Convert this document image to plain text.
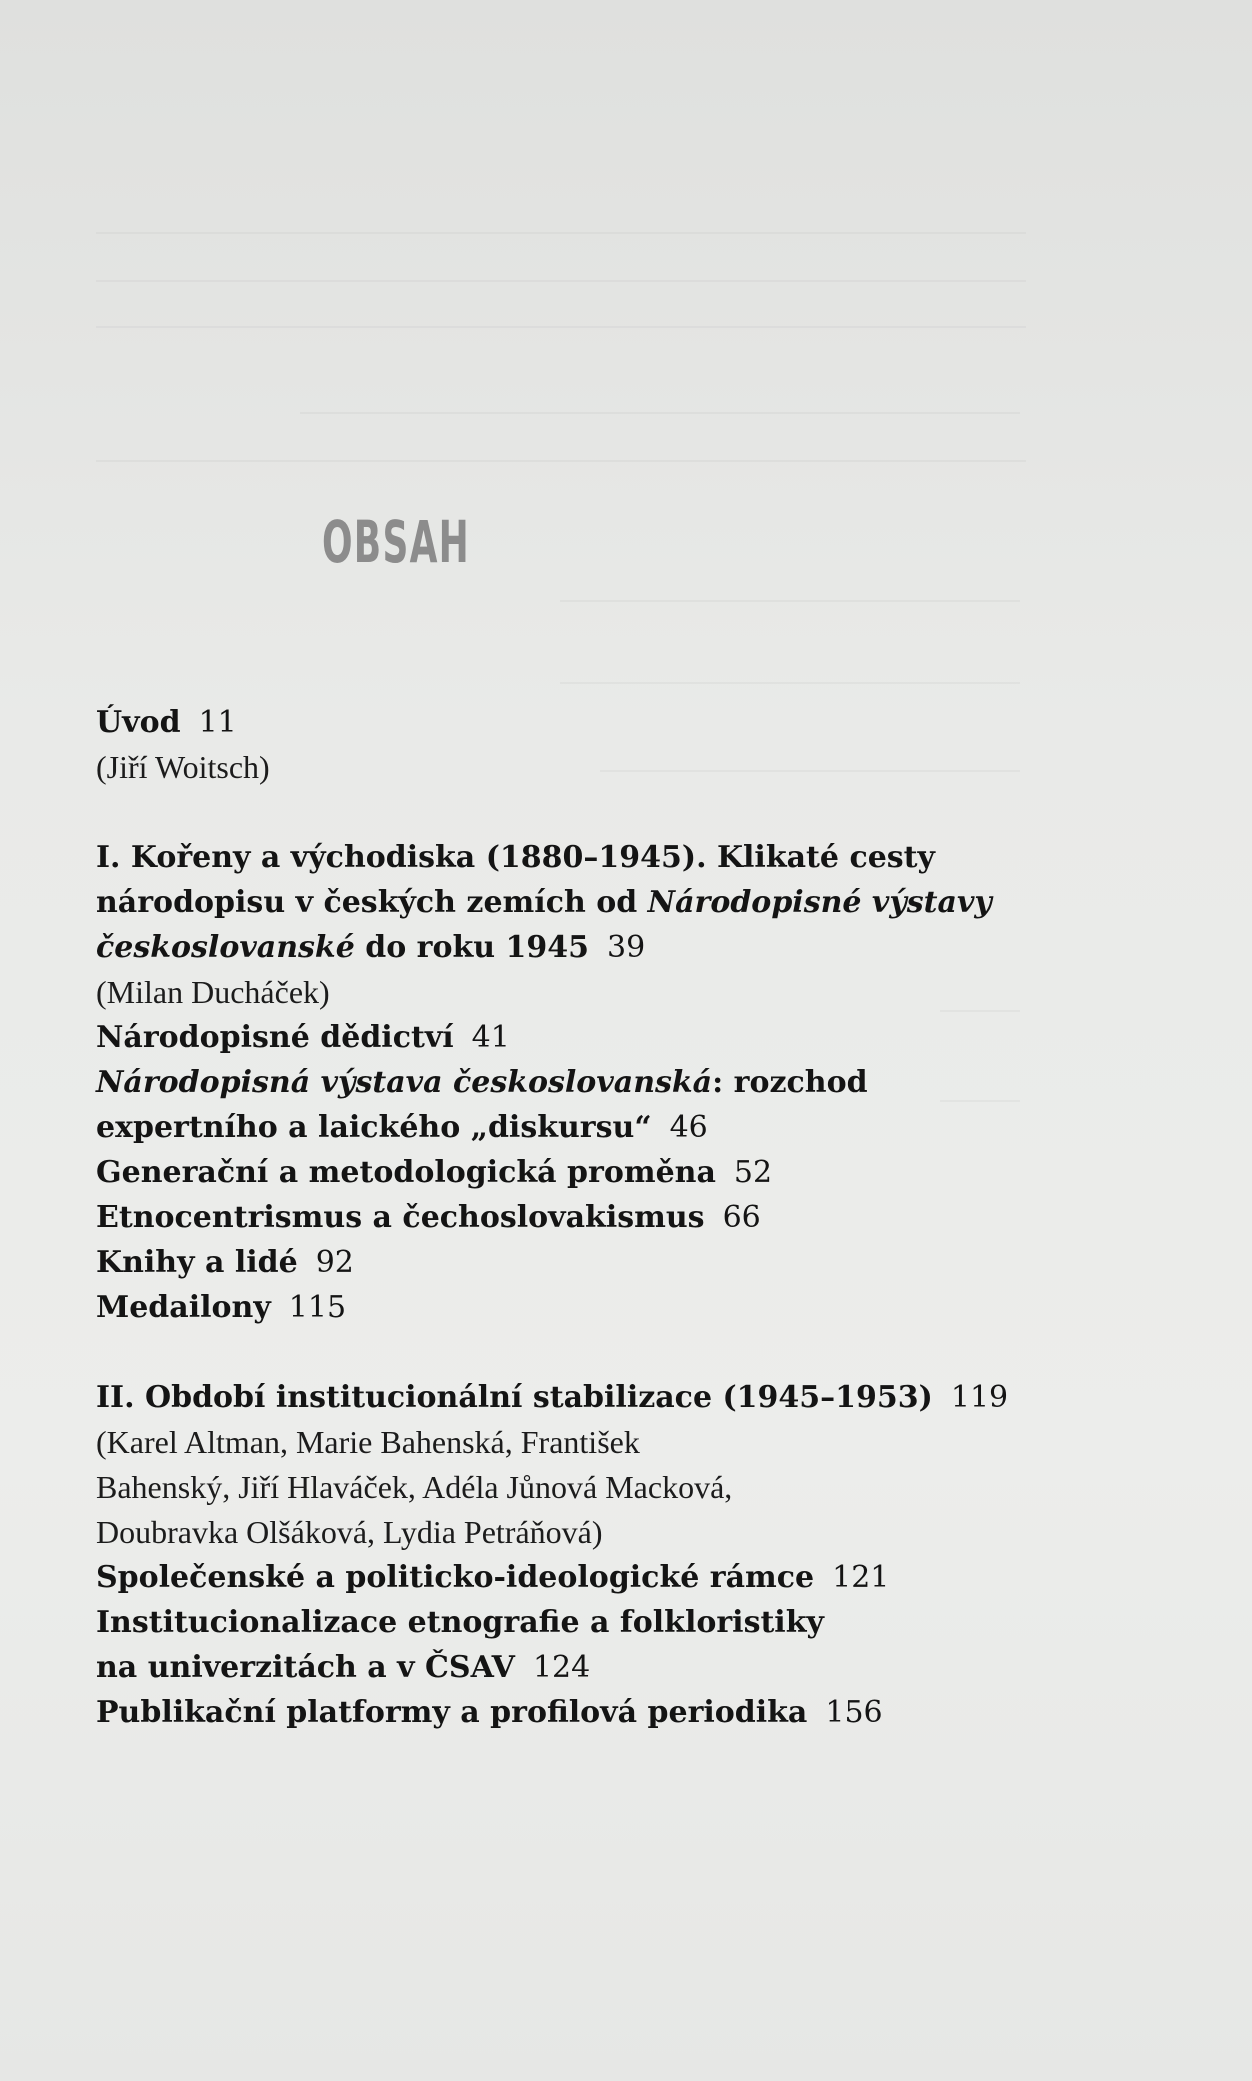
OBSAH

Úvod 11

(Jiří Woitsch)

I. Kořeny a východiska (1880–1945). Klikaté cesty

národopisu v českých zemích od Národopisné výstavy

českoslovanské do roku 1945 39

(Milan Ducháček)

Národopisné dědictví 41

Národopisná výstava českoslovanská: rozchod

expertního a laického „diskursu“ 46

Generační a metodologická proměna 52

Etnocentrismus a čechoslovakismus 66

Knihy a lidé 92

Medailony 115

II. Období institucionální stabilizace (1945–1953) 119

(Karel Altman, Marie Bahenská, František

Bahenský, Jiří Hlaváček, Adéla Jůnová Macková,

Doubravka Olšáková, Lydia Petráňová)

Společenské a politicko-ideologické rámce 121

Institucionalizace etnografie a folkloristiky

na univerzitách a v ČSAV 124

Publikační platformy a profilová periodika 156
